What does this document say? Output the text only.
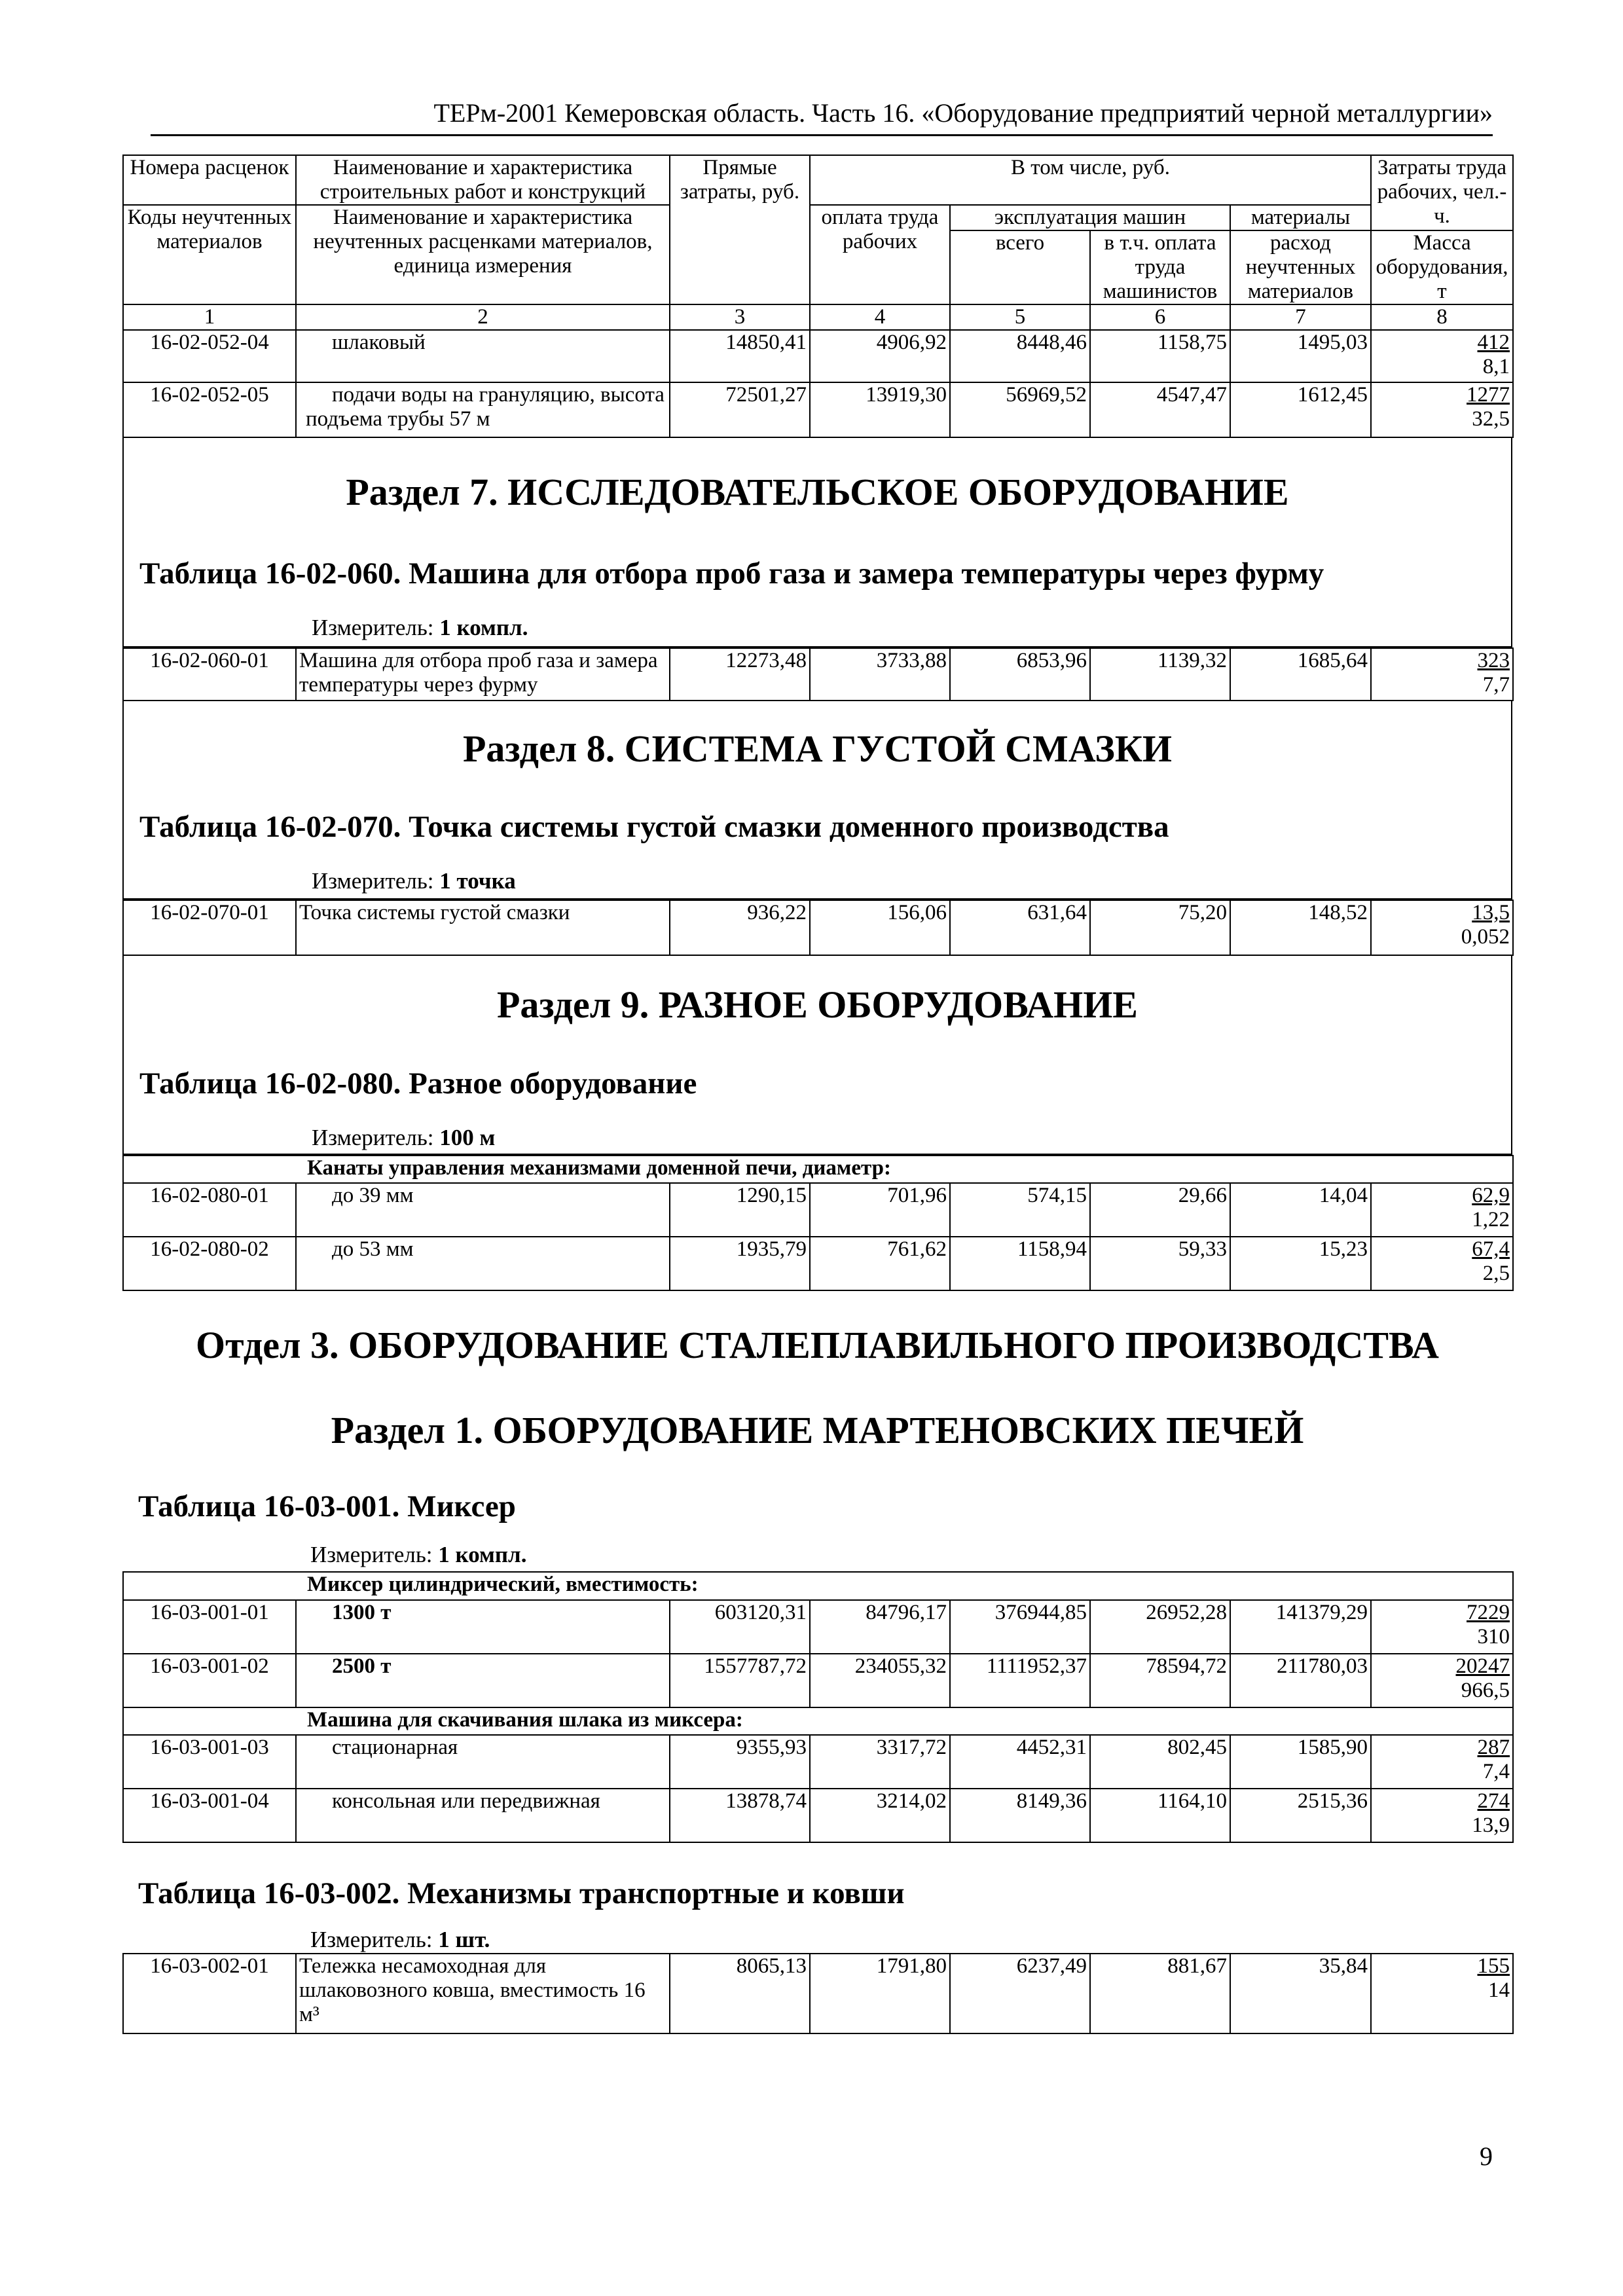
ТЕРм-2001 Кемеровская область. Часть 16. «Оборудование предприятий черной металлургии»
Номера расценок	Наименование и характеристика строительных работ и конструкций	Прямые затраты, руб.	В том числе, руб.				Затраты труда рабочих, чел.-ч.
Коды неучтенных материалов	Наименование и характеристика неучтенных расценками материалов, единица измерения		оплата труда рабочих	эксплуатация машин		материалы	
				всего	в т.ч. оплата труда машинистов	расход неучтенных материалов	Масса оборудования, т
1	2	3	4	5	6	7	8
16-02-052-04	шлаковый	14850,41	4906,92	8448,46	1158,75	1495,03	412
8,1
16-02-052-05	подачи воды на грануляцию, высота подъема трубы 57 м	72501,27	13919,30	56969,52	4547,47	1612,45	1277
32,5
Раздел 7. ИССЛЕДОВАТЕЛЬСКОЕ ОБОРУДОВАНИЕ
Таблица 16-02-060. Машина для отбора проб газа и замера температуры через фурму
Измеритель: 1 компл.
16-02-060-01	Машина для отбора проб газа и замера температуры через фурму	12273,48	3733,88	6853,96	1139,32	1685,64	323
7,7
Раздел 8. СИСТЕМА ГУСТОЙ СМАЗКИ
Таблица 16-02-070. Точка системы густой смазки доменного производства
Измеритель: 1 точка
16-02-070-01	Точка системы густой смазки	936,22	156,06	631,64	75,20	148,52	13,5
0,052
Раздел 9. РАЗНОЕ ОБОРУДОВАНИЕ
Таблица 16-02-080. Разное оборудование
Измеритель: 100 м
Канаты управления механизмами доменной печи, диаметр:							
16-02-080-01	до 39 мм	1290,15	701,96	574,15	29,66	14,04	62,9
1,22
16-02-080-02	до 53 мм	1935,79	761,62	1158,94	59,33	15,23	67,4
2,5
Отдел 3. ОБОРУДОВАНИЕ СТАЛЕПЛАВИЛЬНОГО ПРОИЗВОДСТВА
Раздел 1. ОБОРУДОВАНИЕ МАРТЕНОВСКИХ ПЕЧЕЙ
Таблица 16-03-001. Миксер
Измеритель: 1 компл.
Миксер цилиндрический, вместимость:							
16-03-001-01	1300 т	603120,31	84796,17	376944,85	26952,28	141379,29	7229
310
16-03-001-02	2500 т	1557787,72	234055,32	1111952,37	78594,72	211780,03	20247
966,5
Машина для скачивания шлака из миксера:							
16-03-001-03	стационарная	9355,93	3317,72	4452,31	802,45	1585,90	287
7,4
16-03-001-04	консольная или передвижная	13878,74	3214,02	8149,36	1164,10	2515,36	274
13,9
Таблица 16-03-002. Механизмы транспортные и ковши
Измеритель: 1 шт.
16-03-002-01	Тележка несамоходная для шлаковозного ковша, вместимость 16 м³	8065,13	1791,80	6237,49	881,67	35,84	155
14
9
